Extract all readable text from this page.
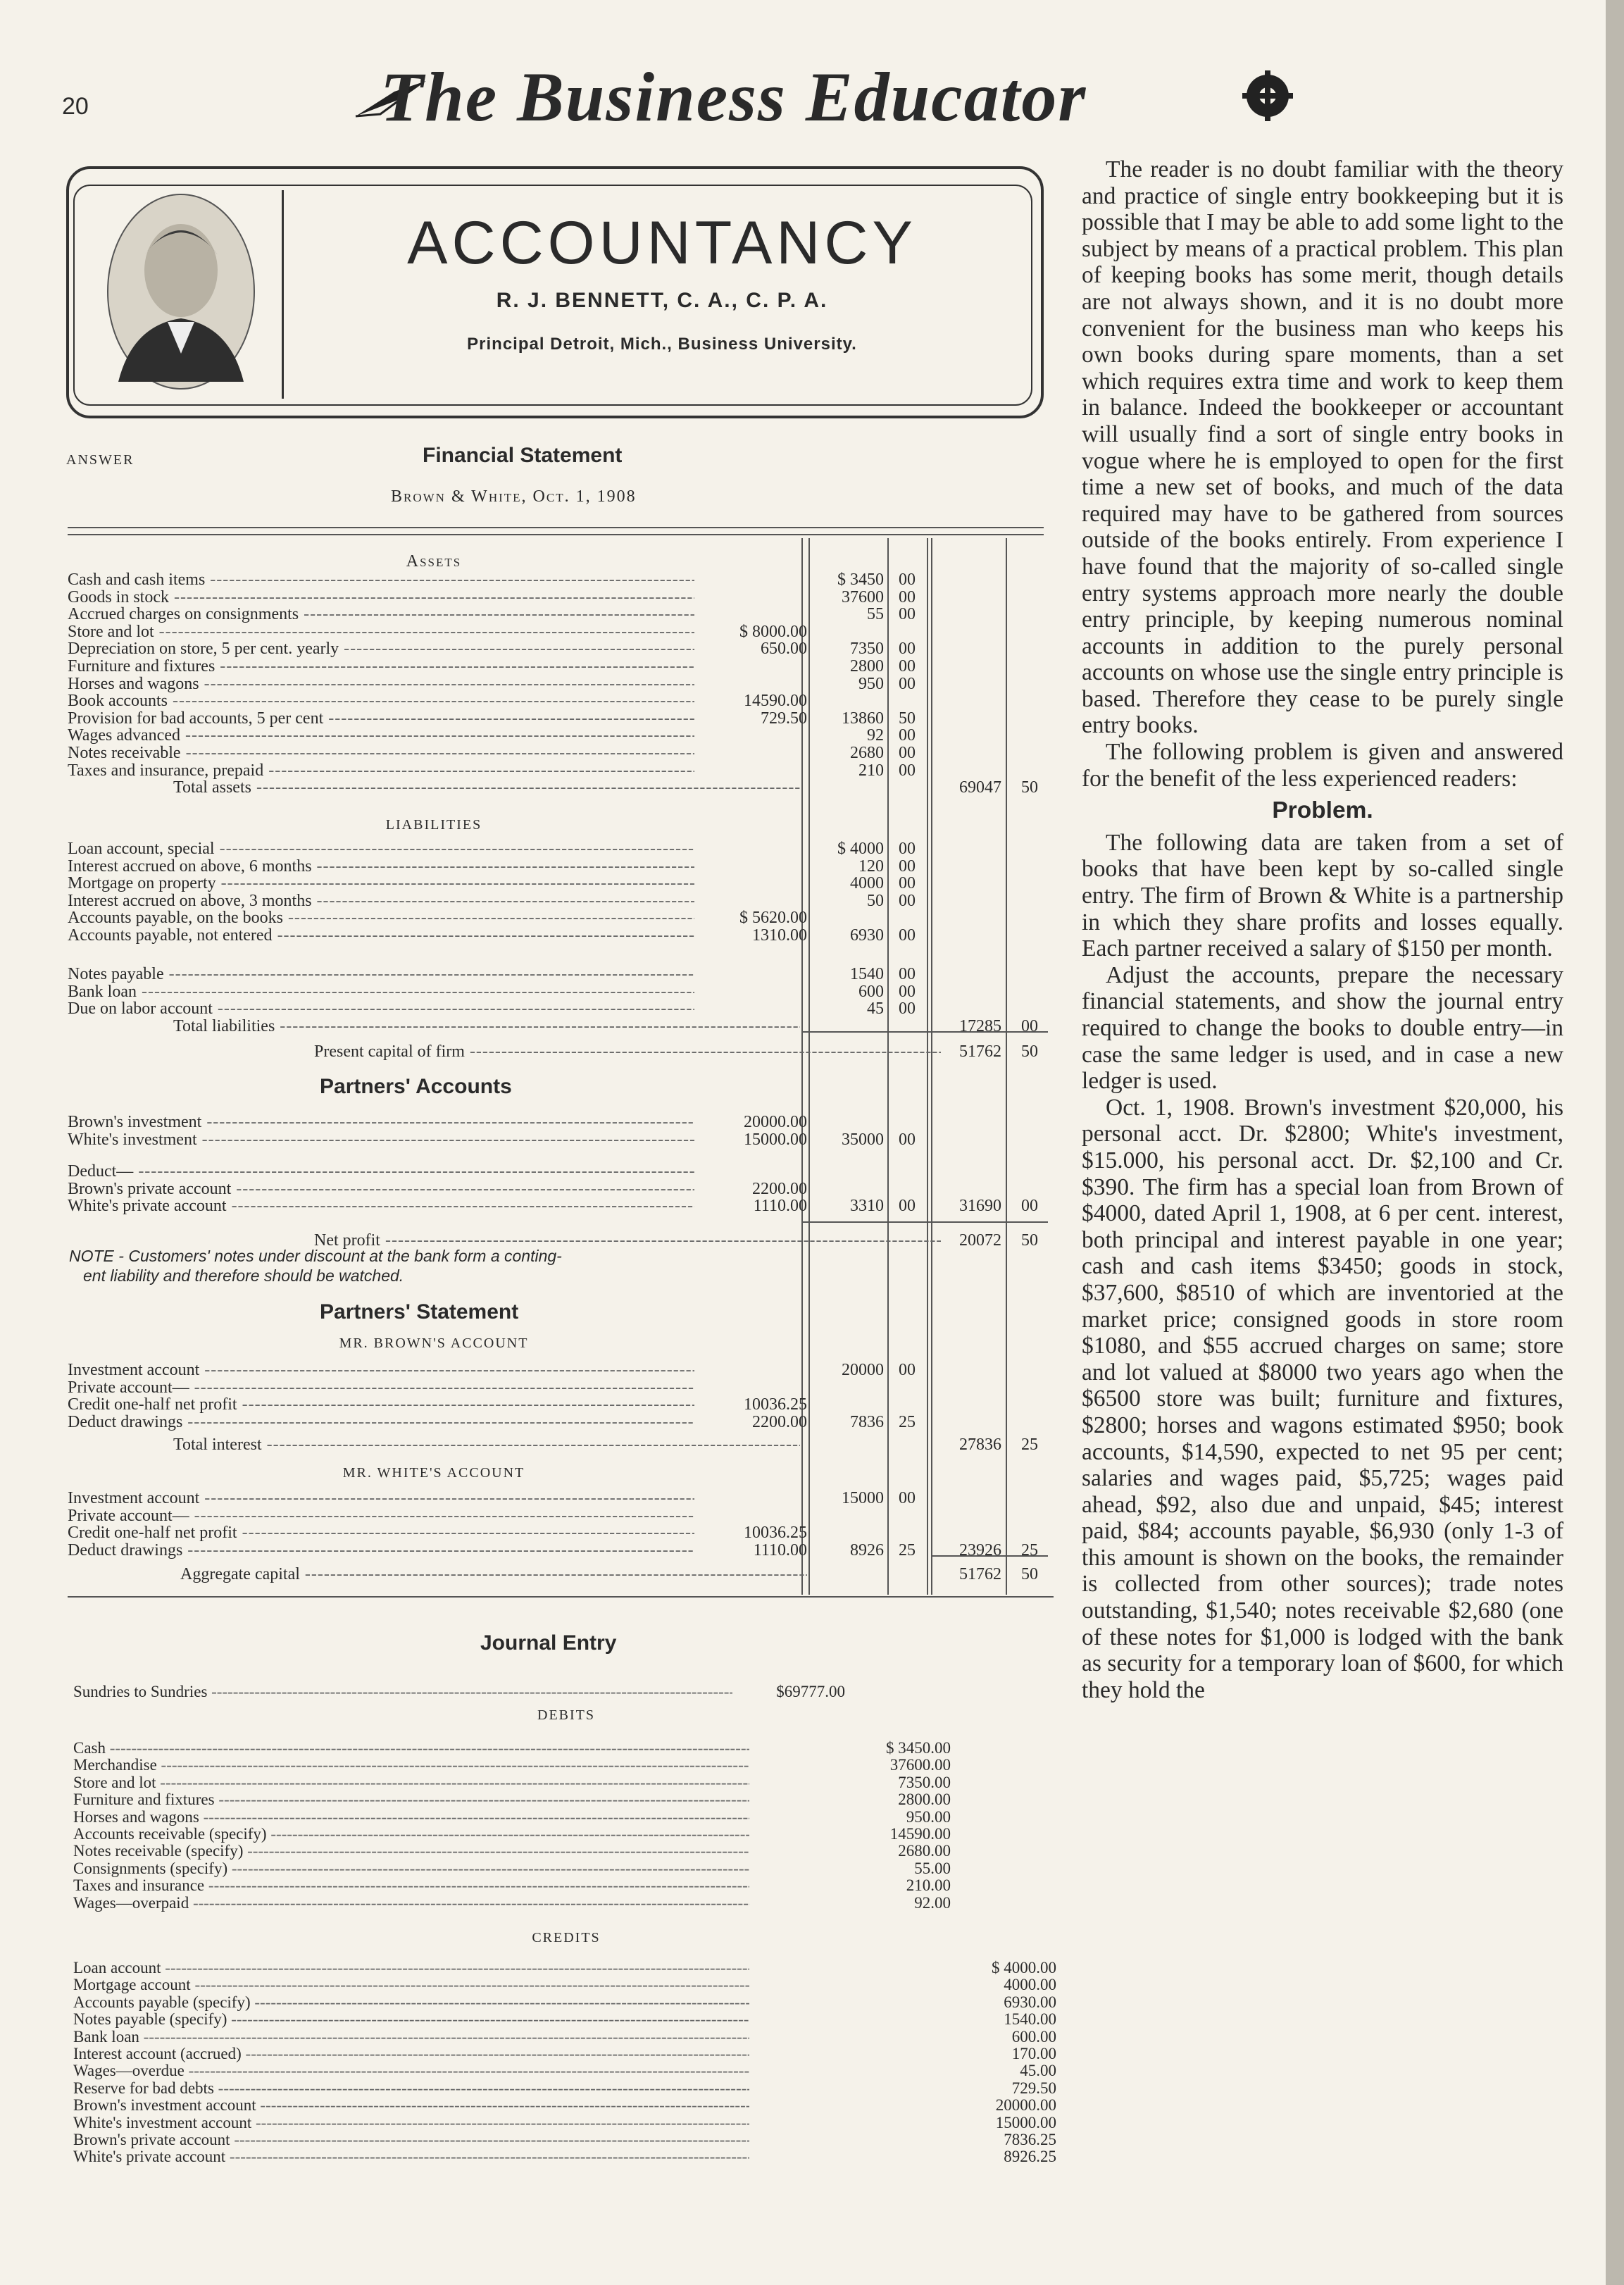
20	The Business Educator
ACCOUNTANCY
R. J. BENNETT, C. A., C. P. A.
Principal Detroit, Mich., Business University.
ANSWER	Financial Statement
Brown & White, Oct. 1, 1908
Assets
Cash and cash items -----	$ 3450 00
Goods in stock -----	37600 00
Accrued charges on consignments -----	55 00
Store and lot -----	$ 8000.00
Depreciation on store, 5 per cent. yearly -----	650.00	7350 00
Furniture and fixtures -----	2800 00
Horses and wagons -----	950 00
Book accounts -----	14590.00
Provision for bad accounts, 5 per cent -----	729.50	13860 50
Wages advanced -----	92 00
Notes receivable -----	2680 00
Taxes and insurance, prepaid -----	210 00
Total assets -----	69047	50
LIABILITIES
Loan account, special -----	$ 4000 00
Interest accrued on above, 6 months -----	120 00
Mortgage on property -----	4000 00
Interest accrued on above, 3 months -----	50 00
Accounts payable, on the books -----	$ 5620.00
Accounts payable, not entered -----	1310.00	6930 00
Notes payable -----	1540 00
Bank loan -----	600 00
Due on labor account -----	45 00
Total liabilities -----	17285	00
Present capital of firm -----	51762	50
Partners' Accounts
Brown's investment -----	20000.00
White's investment -----	15000.00	35000 00
Deduct— -----
Brown's private account -----	2200.00
White's private account -----	1110.00	3310 00	31690	00
Net profit -----	20072	50
NOTE - Customers' notes under discount at the bank form a conting-
ent liability and therefore should be watched.
Partners' Statement
MR. BROWN'S ACCOUNT
Investment account -----	20000 00
Private account— -----
Credit one-half net profit -----	10036.25
Deduct drawings -----	2200.00	7836 25
Total interest -----	27836	25
MR. WHITE'S ACCOUNT
Investment account -----	15000 00
Private account— -----
Credit one-half net profit -----	10036.25
Deduct drawings -----	1110.00	8926 25	23926	25
Aggregate capital -----	51762	50
Journal Entry
Sundries to Sundries -----	$69777.00
DEBITS
Cash -----	$ 3450.00
Merchandise -----	37600.00
Store and lot -----	7350.00
Furniture and fixtures -----	2800.00
Horses and wagons -----	950.00
Accounts receivable (specify) -----	14590.00
Notes receivable (specify) -----	2680.00
Consignments (specify) -----	55.00
Taxes and insurance -----	210.00
Wages—overpaid -----	92.00
CREDITS
Loan account -----	$ 4000.00
Mortgage account -----	4000.00
Accounts payable (specify) -----	6930.00
Notes payable (specify) -----	1540.00
Bank loan -----	600.00
Interest account (accrued) -----	170.00
Wages—overdue -----	45.00
Reserve for bad debts -----	729.50
Brown's investment account -----	20000.00
White's investment account -----	15000.00
Brown's private account -----	7836.25
White's private account -----	8926.25

The reader is no doubt familiar with the theory and practice of single entry bookkeeping but it is possible that I may be able to add some light to the subject by means of a practical problem. This plan of keeping books has some merit, though details are not always shown, and it is no doubt more convenient for the business man who keeps his own books during spare moments, than a set which requires extra time and work to keep them in balance. Indeed the bookkeeper or accountant will usually find a sort of single entry books in vogue where he is employed to open for the first time a new set of books, and much of the data required may have to be gathered from sources outside of the books entirely. From experience I have found that the majority of so-called single entry systems approach more nearly the double entry principle, by keeping numerous nominal accounts in addition to the purely personal accounts on whose use the single entry principle is based. Therefore they cease to be purely single entry books.

The following problem is given and answered for the benefit of the less experienced readers:

Problem.

The following data are taken from a set of books that have been kept by so-called single entry. The firm of Brown & White is a partnership in which they share profits and losses equally. Each partner received a salary of $150 per month.

Adjust the accounts, prepare the necessary financial statements, and show the journal entry required to change the books to double entry—in case the same ledger is used, and in case a new ledger is used.

Oct. 1, 1908. Brown's investment $20,000, his personal acct. Dr. $2800; White's investment, $15.000, his personal acct. Dr. $2,100 and Cr. $390. The firm has a special loan from Brown of $4000, dated April 1, 1908, at 6 per cent. interest, both principal and interest payable in one year; cash and cash items $3450; goods in stock, $37,600, $8510 of which are inventoried at the market price; consigned goods in store room $1080, and $55 accrued charges on same; store and lot valued at $8000 two years ago when the $6500 store was built; furniture and fixtures, $2800; horses and wagons estimated $950; book accounts, $14,590, expected to net 95 per cent; salaries and wages paid, $5,725; wages paid ahead, $92, also due and unpaid, $45; interest paid, $84; accounts payable, $6,930 (only 1-3 of this amount is shown on the books, the remainder is collected from other sources); trade notes outstanding, $1,540; notes receivable $2,680 (one of these notes for $1,000 is lodged with the bank as security for a temporary loan of $600, for which they hold the
